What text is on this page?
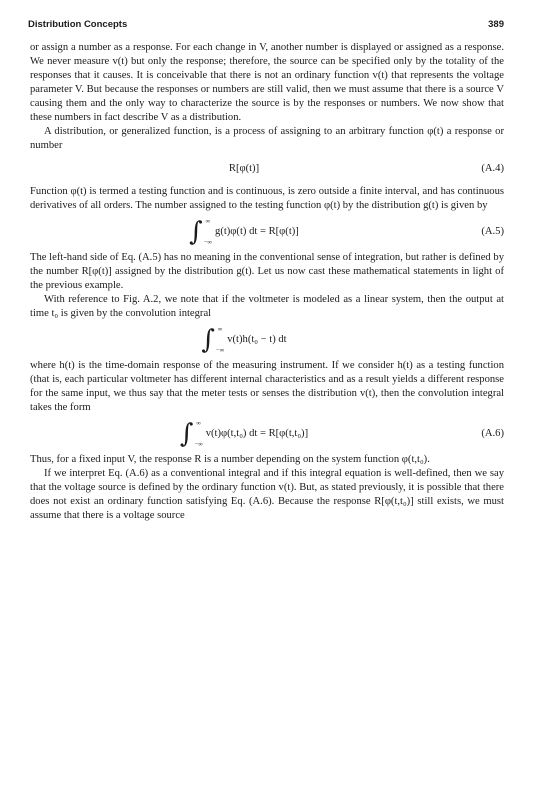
Distribution Concepts	389

or assign a number as a response. For each change in V, another number is displayed or assigned as a response. We never measure v(t) but only the response; therefore, the source can be specified only by the totality of the responses that it causes. It is conceivable that there is not an ordinary function v(t) that represents the voltage parameter V. But because the responses or numbers are still valid, then we must assume that there is a source V causing them and the only way to characterize the source is by the responses or numbers. We now show that these numbers in fact describe V as a distribution.

A distribution, or generalized function, is a process of assigning to an arbitrary function φ(t) a response or number

R[φ(t)]	(A.4)

Function φ(t) is termed a testing function and is continuous, is zero outside a finite interval, and has continuous derivatives of all orders. The number assigned to the testing function φ(t) by the distribution g(t) is given by

∫ ∞
−∞
g(t)φ(t) dt = R[φ(t)]	(A.5)

The left-hand side of Eq. (A.5) has no meaning in the conventional sense of integration, but rather is defined by the number R[φ(t)] assigned by the distribution g(t). Let us now cast these mathematical statements in light of the previous example.

With reference to Fig. A.2, we note that if the voltmeter is modeled as a linear system, then the output at time t₀ is given by the convolution integral

∫ ∞
−∞
v(t)h(t₀ − t) dt

where h(t) is the time-domain response of the measuring instrument. If we consider h(t) as a testing function (that is, each particular voltmeter has different internal characteristics and as a result yields a different response for the same input, we thus say that the meter tests or senses the distribution v(t), then the convolution integral takes the form

∫ ∞
−∞
v(t)φ(t,t₀) dt = R[φ(t,t₀)]	(A.6)

Thus, for a fixed input V, the response R is a number depending on the system function φ(t,t₀).

If we interpret Eq. (A.6) as a conventional integral and if this integral equation is well-defined, then we say that the voltage source is defined by the ordinary function v(t). But, as stated previously, it is possible that there does not exist an ordinary function satisfying Eq. (A.6). Because the response R[φ(t,t₀)] still exists, we must assume that there is a voltage source
